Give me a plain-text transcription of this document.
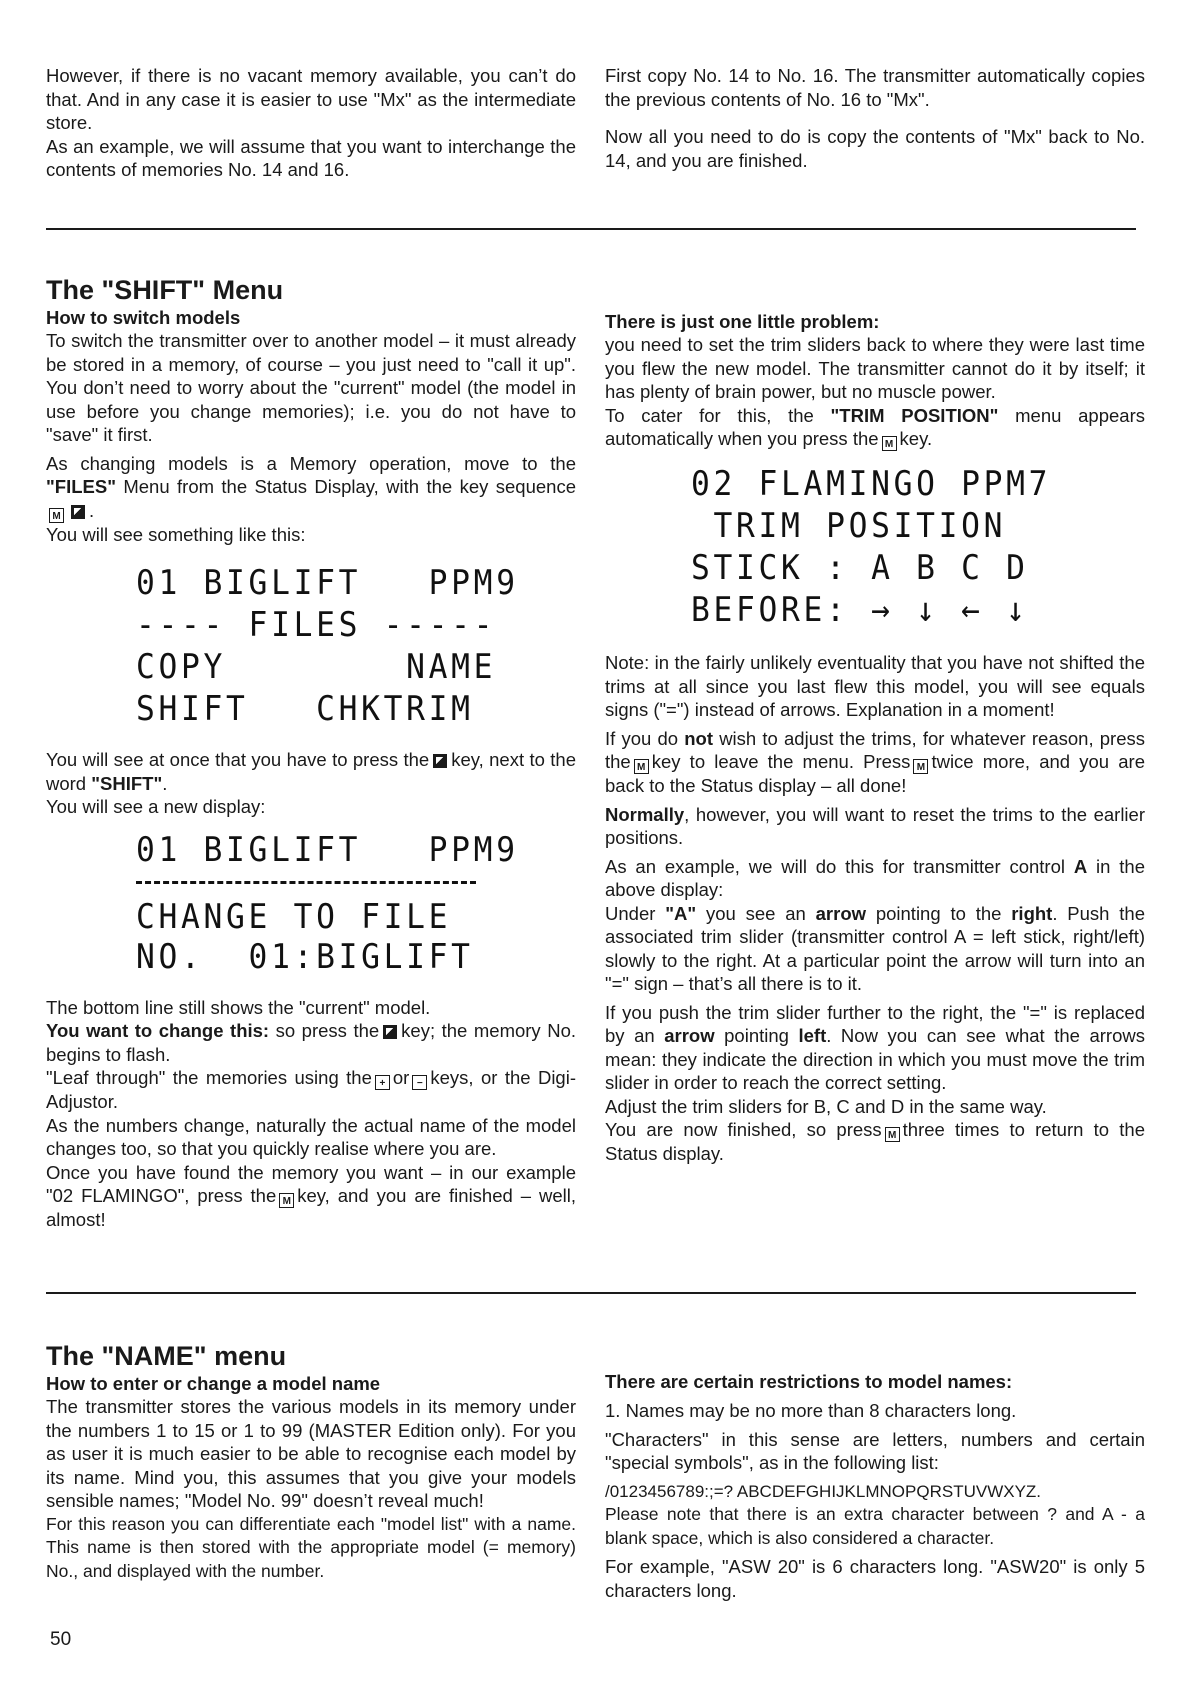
However, if there is no vacant memory available, you can’t do that. And in any case it is easier to use "Mx" as the intermediate store.

As an example, we will assume that you want to interchange the contents of memories No. 14 and 16.

First copy No. 14 to No. 16. The transmitter automatically copies the previous contents of No. 16 to "Mx".

Now all you need to do is copy the contents of "Mx" back to No. 14, and you are finished.

The "SHIFT" Menu
How to switch models

To switch the transmitter over to another model – it must already be stored in a memory, of course – you just need to "call it up". You don’t need to worry about the "current" model (the model in use before you change memories); i.e. you do not have to "save" it first.

As changing models is a Memory operation, move to the "FILES" Menu from the Status Display, with the key sequence M .

You will see something like this:

01 BIGLIFT   PPM9
---- FILES -----
COPY        NAME
SHIFT   CHKTRIM

You will see at once that you have to press the key, next to the word "SHIFT".

You will see a new display:

01 BIGLIFT   PPM9
CHANGE TO FILE
NO.  01:BIGLIFT

The bottom line still shows the "current" model.

You want to change this: so press the key; the memory No. begins to flash.

"Leaf through" the memories using the + or − keys, or the Digi-Adjustor.

As the numbers change, naturally the actual name of the model changes too, so that you quickly realise where you are.

Once you have found the memory you want – in our example "02 FLAMINGO", press the M key, and you are finished – well, almost!

There is just one little problem:

you need to set the trim sliders back to where they were last time you flew the new model. The transmitter cannot do it by itself; it has plenty of brain power, but no muscle power.

To cater for this, the "TRIM POSITION" menu appears automatically when you press the M key.

02 FLAMINGO PPM7
TRIM POSITION
STICK : A B C D
BEFORE: → ↓ ← ↓

Note: in the fairly unlikely eventuality that you have not shifted the trims at all since you last flew this model, you will see equals signs ("=") instead of arrows. Explanation in a moment!

If you do not wish to adjust the trims, for whatever reason, press the M key to leave the menu. Press M twice more, and you are back to the Status display – all done!

Normally, however, you will want to reset the trims to the earlier positions.

As an example, we will do this for transmitter control A in the above display:

Under "A" you see an arrow pointing to the right. Push the associated trim slider (transmitter control A = left stick, right/left) slowly to the right. At a particular point the arrow will turn into an "=" sign – that’s all there is to it.

If you push the trim slider further to the right, the "=" is replaced by an arrow pointing left. Now you can see what the arrows mean: they indicate the direction in which you must move the trim slider in order to reach the correct setting.

Adjust the trim sliders for B, C and D in the same way.

You are now finished, so press M three times to return to the Status display.

The "NAME" menu
How to enter or change a model name

The transmitter stores the various models in its memory under the numbers 1 to 15 or 1 to 99 (MASTER Edition only). For you as user it is much easier to be able to recognise each model by its name. Mind you, this assumes that you give your models sensible names; "Model No. 99" doesn’t reveal much!

For this reason you can differentiate each "model list" with a name. This name is then stored with the appropriate model (= memory) No., and displayed with the number.

There are certain restrictions to model names:

1. Names may be no more than 8 characters long.

"Characters" in this sense are letters, numbers and certain "special symbols", as in the following list:

/0123456789:;=? ABCDEFGHIJKLMNOPQRSTUVWXYZ.

Please note that there is an extra character between ? and A - a blank space, which is also considered a character.

For example, "ASW 20" is 6 characters long. "ASW20" is only 5 characters long.

50
